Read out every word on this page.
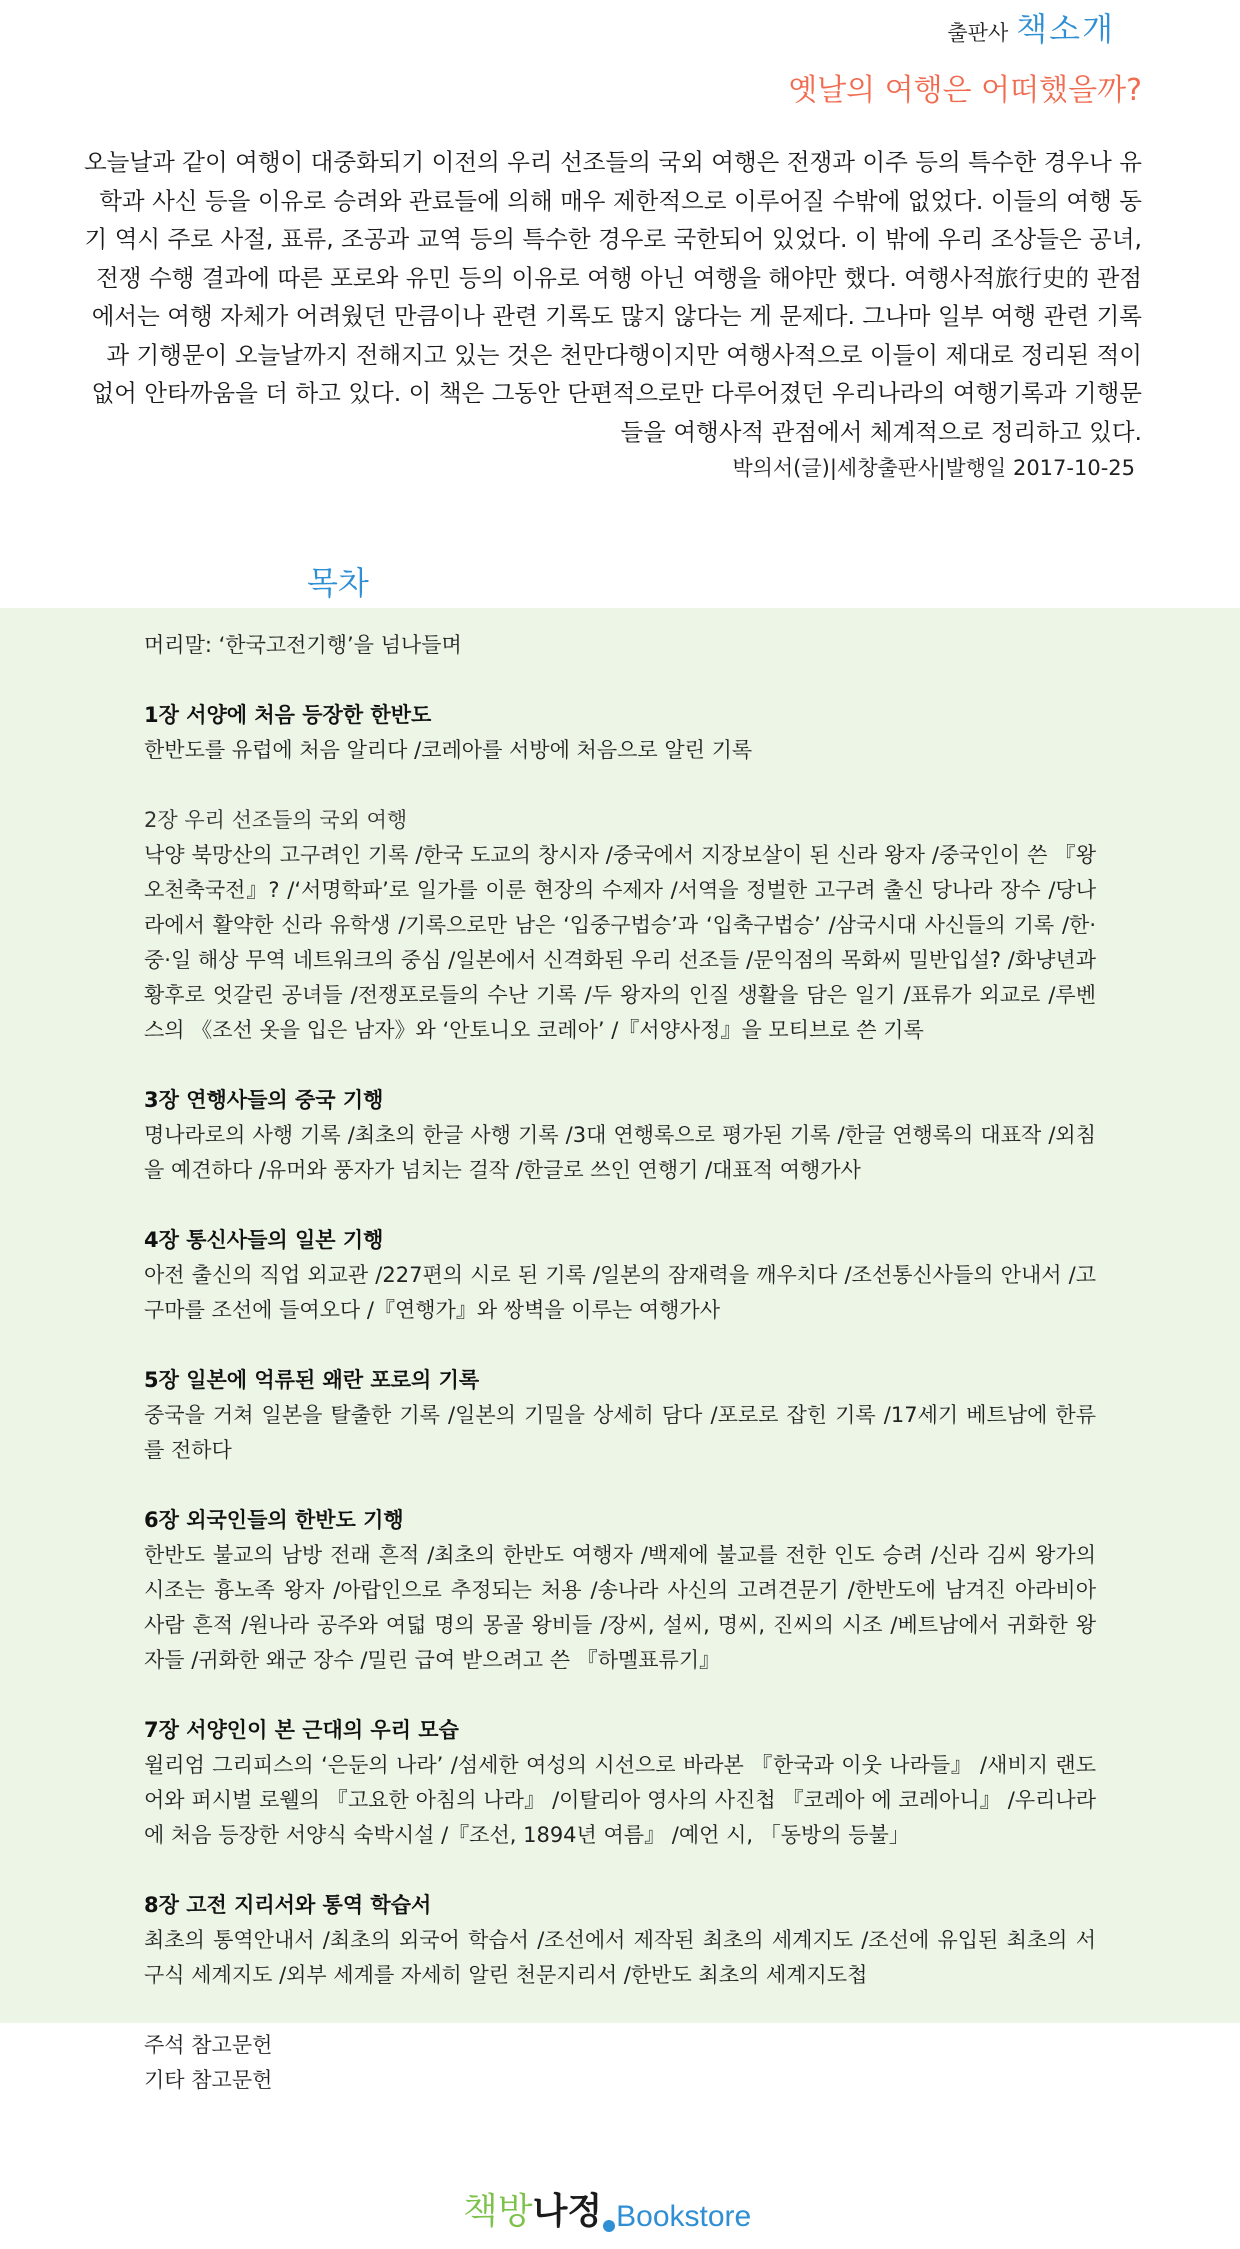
출판사 책소개
옛날의 여행은 어떠했을까?

오늘날과 같이 여행이 대중화되기 이전의 우리 선조들의 국외 여행은 전쟁과 이주 등의 특수한 경우나 유학과 사신 등을 이유로 승려와 관료들에 의해 매우 제한적으로 이루어질 수밖에 없었다. 이들의 여행 동기 역시 주로 사절, 표류, 조공과 교역 등의 특수한 경우로 국한되어 있었다. 이 밖에 우리 조상들은 공녀, 전쟁 수행 결과에 따른 포로와 유민 등의 이유로 여행 아닌 여행을 해야만 했다. 여행사적旅行史的 관점에서는 여행 자체가 어려웠던 만큼이나 관련 기록도 많지 않다는 게 문제다. 그나마 일부 여행 관련 기록과 기행문이 오늘날까지 전해지고 있는 것은 천만다행이지만 여행사적으로 이들이 제대로 정리된 적이 없어 안타까움을 더 하고 있다. 이 책은 그동안 단편적으로만 다루어졌던 우리나라의 여행기록과 기행문들을 여행사적 관점에서 체계적으로 정리하고 있다.

박의서(글)|세창출판사|발행일 2017-10-25
목차
머리말: ‘한국고전기행’을 넘나들며
1장 서양에 처음 등장한 한반도
한반도를 유럽에 처음 알리다 /코레아를 서방에 처음으로 알린 기록
2장 우리 선조들의 국외 여행
낙양 북망산의 고구려인 기록 /한국 도교의 창시자 /중국에서 지장보살이 된 신라 왕자 /중국인이 쓴 『왕오천축국전』? /‘서명학파’로 일가를 이룬 현장의 수제자 /서역을 정벌한 고구려 출신 당나라 장수 /당나라에서 활약한 신라 유학생 /기록으로만 남은 ‘입중구법승’과 ‘입축구법승’ /삼국시대 사신들의 기록 /한·중·일 해상 무역 네트워크의 중심 /일본에서 신격화된 우리 선조들 /문익점의 목화씨 밀반입설? /화냥년과 황후로 엇갈린 공녀들 /전쟁포로들의 수난 기록 /두 왕자의 인질 생활을 담은 일기 /표류가 외교로 /루벤스의 《조선 옷을 입은 남자》와 ‘안토니오 코레아’ /『서양사정』을 모티브로 쓴 기록
3장 연행사들의 중국 기행
명나라로의 사행 기록 /최초의 한글 사행 기록 /3대 연행록으로 평가된 기록 /한글 연행록의 대표작 /외침을 예견하다 /유머와 풍자가 넘치는 걸작 /한글로 쓰인 연행기 /대표적 여행가사
4장 통신사들의 일본 기행
아전 출신의 직업 외교관 /227편의 시로 된 기록 /일본의 잠재력을 깨우치다 /조선통신사들의 안내서 /고구마를 조선에 들여오다 /『연행가』와 쌍벽을 이루는 여행가사
5장 일본에 억류된 왜란 포로의 기록
중국을 거쳐 일본을 탈출한 기록 /일본의 기밀을 상세히 담다 /포로로 잡힌 기록 /17세기 베트남에 한류를 전하다
6장 외국인들의 한반도 기행
한반도 불교의 남방 전래 흔적 /최초의 한반도 여행자 /백제에 불교를 전한 인도 승려 /신라 김씨 왕가의 시조는 흉노족 왕자 /아랍인으로 추정되는 처용 /송나라 사신의 고려견문기 /한반도에 남겨진 아라비아 사람 흔적 /원나라 공주와 여덟 명의 몽골 왕비들 /장씨, 설씨, 명씨, 진씨의 시조 /베트남에서 귀화한 왕자들 /귀화한 왜군 장수 /밀린 급여 받으려고 쓴 『하멜표류기』
7장 서양인이 본 근대의 우리 모습
윌리엄 그리피스의 ‘은둔의 나라’ /섬세한 여성의 시선으로 바라본 『한국과 이웃 나라들』 /새비지 랜도어와 퍼시벌 로웰의 『고요한 아침의 나라』 /이탈리아 영사의 사진첩 『코레아 에 코레아니』 /우리나라에 처음 등장한 서양식 숙박시설 /『조선, 1894년 여름』 /예언 시, 「동방의 등불」
8장 고전 지리서와 통역 학습서
최초의 통역안내서 /최초의 외국어 학습서 /조선에서 제작된 최초의 세계지도 /조선에 유입된 최초의 서구식 세계지도 /외부 세계를 자세히 알린 천문지리서 /한반도 최초의 세계지도첩
주석 참고문헌
기타 참고문헌
책방나정 Bookstore
